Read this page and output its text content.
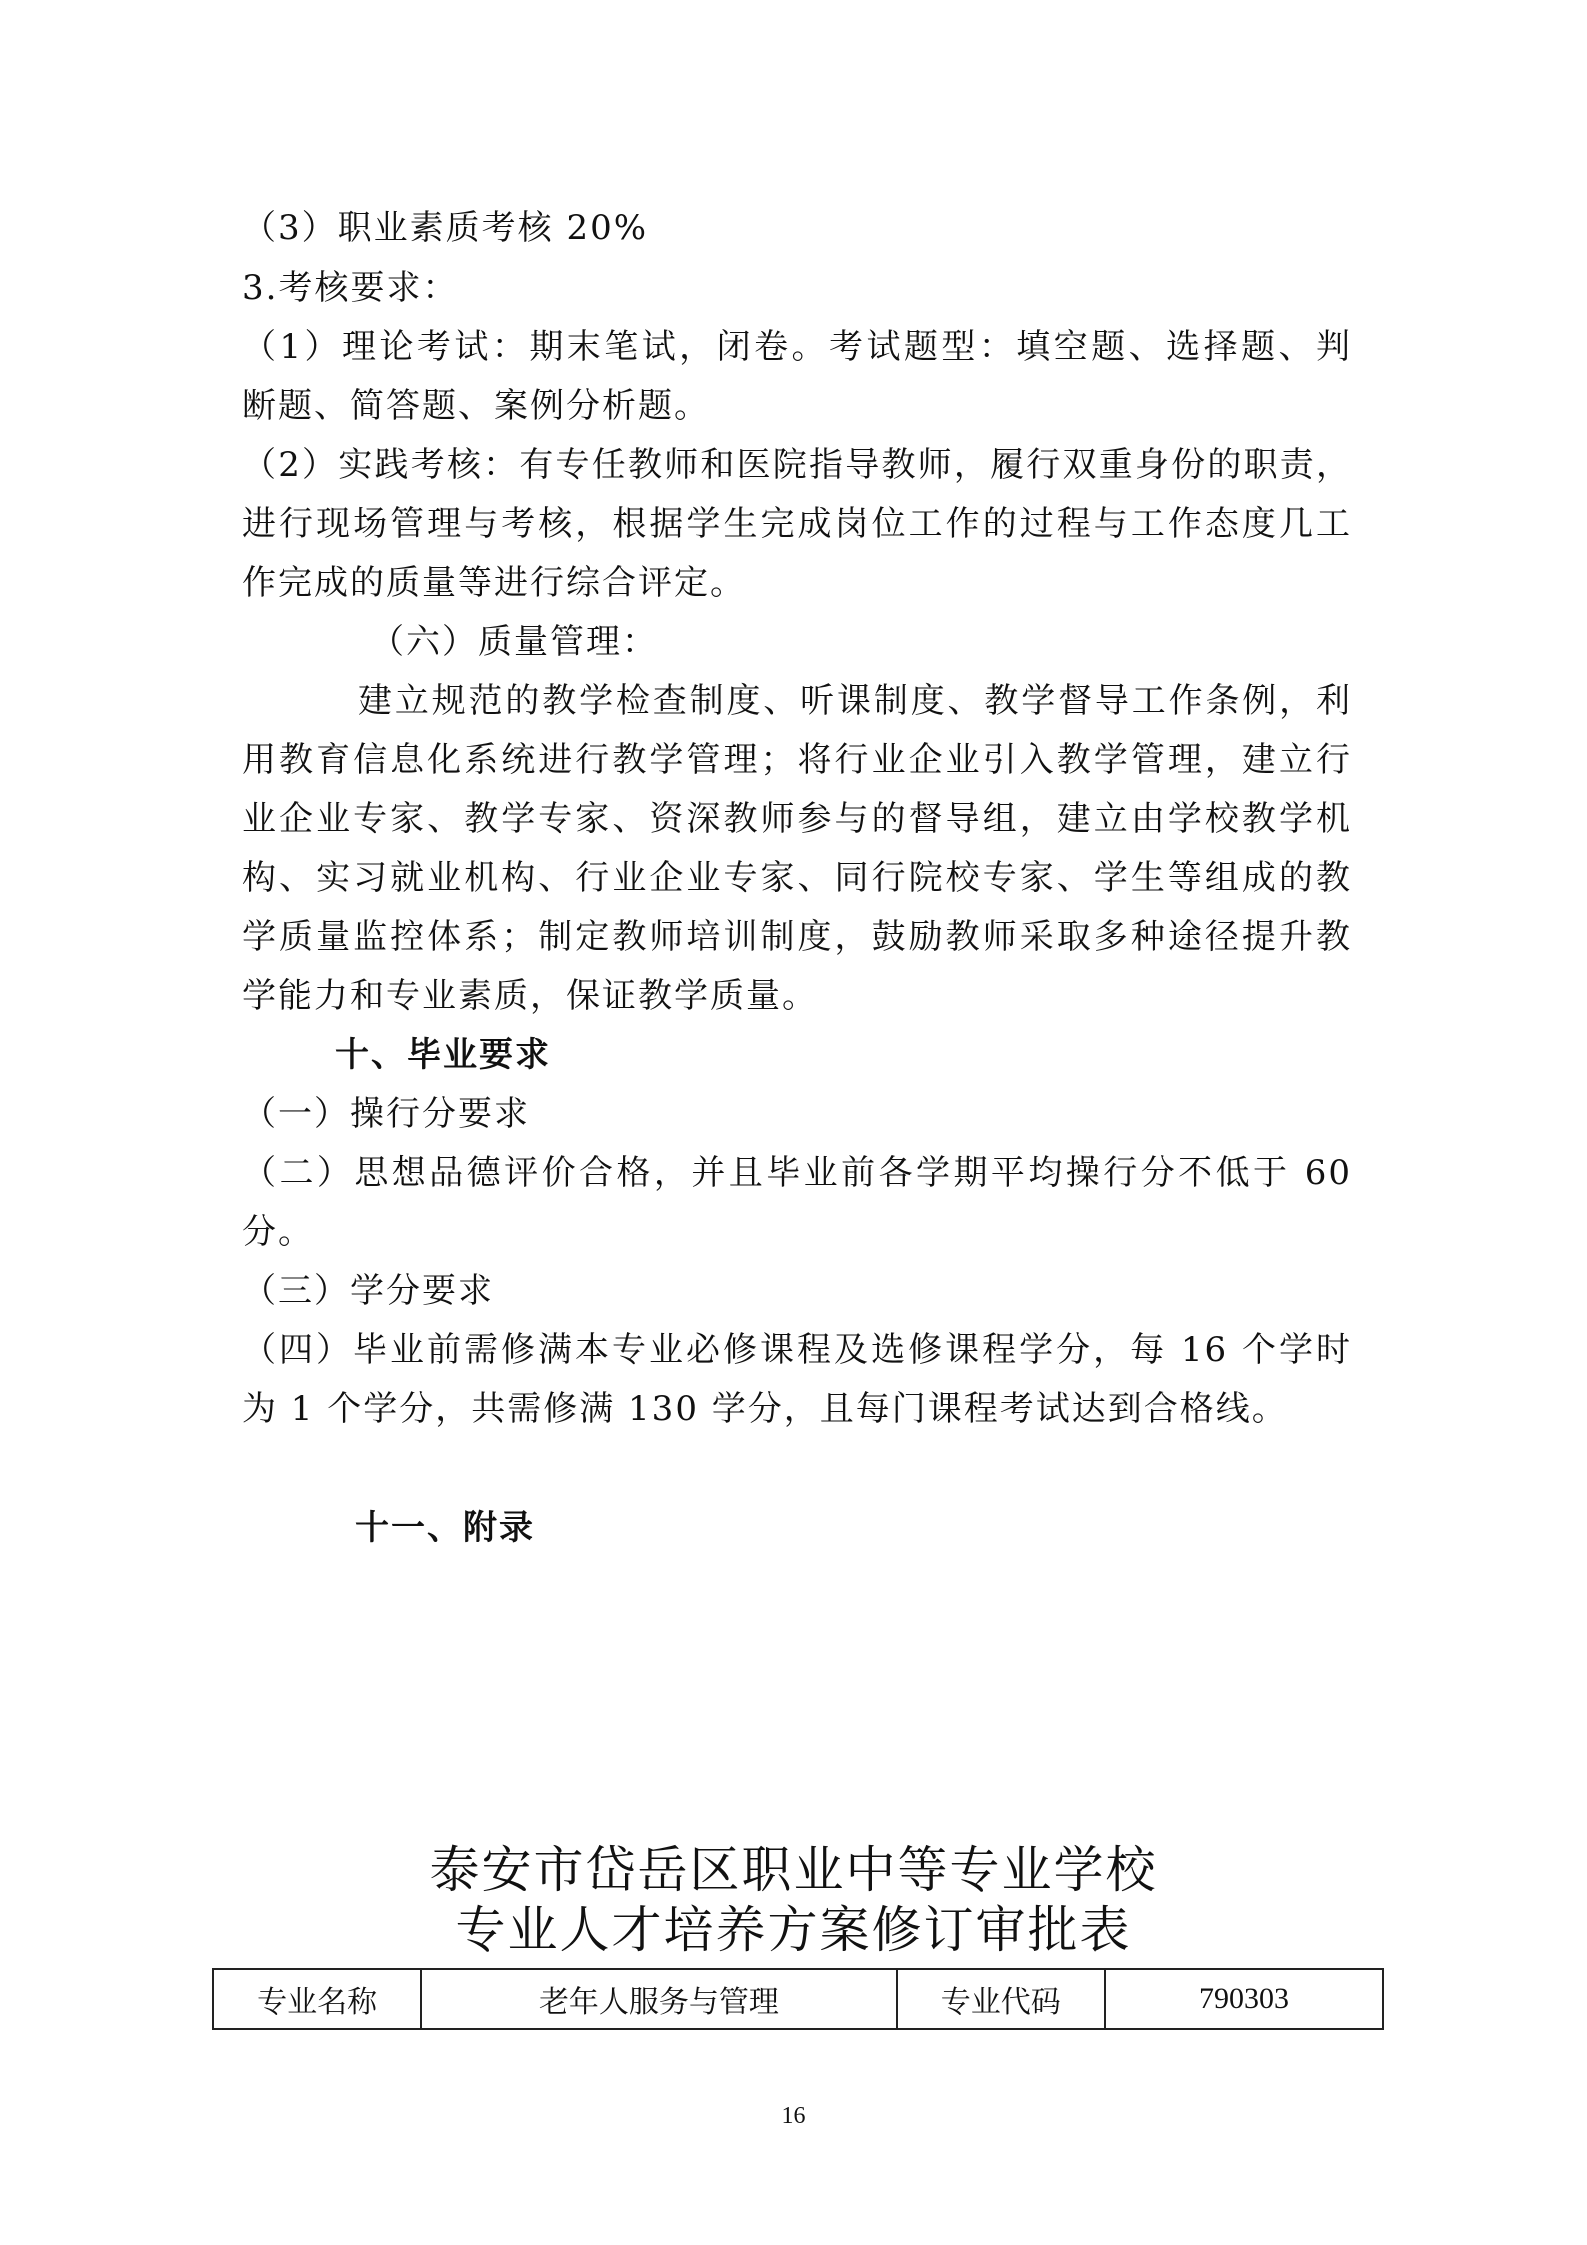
（3）职业素质考核 20%
3.考核要求：
（1）理论考试：期末笔试，闭卷。考试题型：填空题、选择题、判
断题、简答题、案例分析题。
（2）实践考核：有专任教师和医院指导教师，履行双重身份的职责，
进行现场管理与考核，根据学生完成岗位工作的过程与工作态度几工
作完成的质量等进行综合评定。
（六）质量管理：
建立规范的教学检查制度、听课制度、教学督导工作条例，利
用教育信息化系统进行教学管理；将行业企业引入教学管理，建立行
业企业专家、教学专家、资深教师参与的督导组，建立由学校教学机
构、实习就业机构、行业企业专家、同行院校专家、学生等组成的教
学质量监控体系；制定教师培训制度，鼓励教师采取多种途径提升教
学能力和专业素质，保证教学质量。
十、毕业要求
（一）操行分要求
（二）思想品德评价合格，并且毕业前各学期平均操行分不低于 60
分。
（三）学分要求
（四）毕业前需修满本专业必修课程及选修课程学分，每 16 个学时
为 1 个学分，共需修满 130 学分，且每门课程考试达到合格线。
十一、附录
泰安市岱岳区职业中等专业学校
专业人才培养方案修订审批表
专业名称	老年人服务与管理	专业代码	790303
16
